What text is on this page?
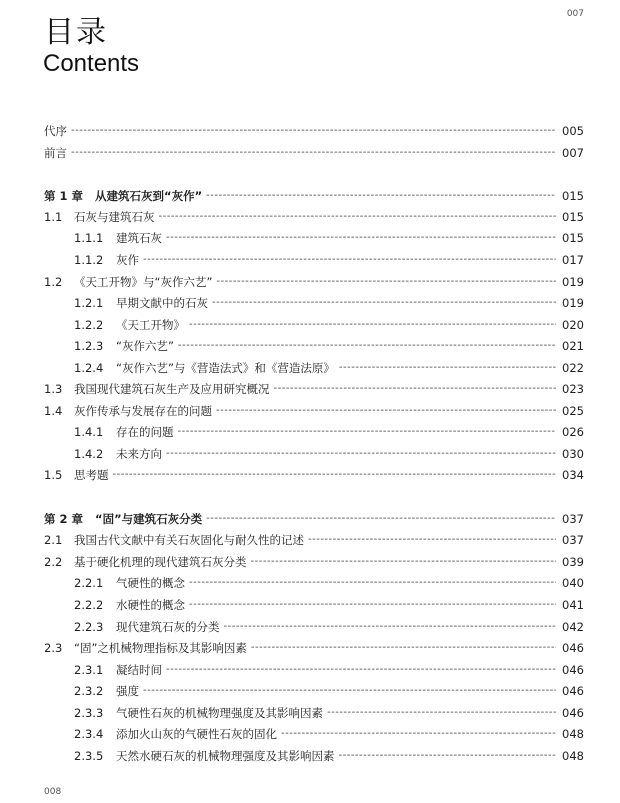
007
目录
Contents
代序 -----	005
前言 -----	007
第 1 章 从建筑石灰到“灰作” -----	015
1.1	石灰与建筑石灰 -----	015
1.1.1	建筑石灰 -----	015
1.1.2	灰作 -----	017
1.2	《天工开物》与“灰作六艺” -----	019
1.2.1	早期文献中的石灰 -----	019
1.2.2	《天工开物》 -----	020
1.2.3	“灰作六艺” -----	021
1.2.4	“灰作六艺”与《营造法式》和《营造法原》 -----	022
1.3	我国现代建筑石灰生产及应用研究概况 -----	023
1.4	灰作传承与发展存在的问题 -----	025
1.4.1	存在的问题 -----	026
1.4.2	未来方向 -----	030
1.5	思考题 -----	034
第 2 章 “固”与建筑石灰分类 -----	037
2.1	我国古代文献中有关石灰固化与耐久性的记述 -----	037
2.2	基于硬化机理的现代建筑石灰分类 -----	039
2.2.1	气硬性的概念 -----	040
2.2.2	水硬性的概念 -----	041
2.2.3	现代建筑石灰的分类 -----	042
2.3	“固”之机械物理指标及其影响因素 -----	046
2.3.1	凝结时间 -----	046
2.3.2	强度 -----	046
2.3.3	气硬性石灰的机械物理强度及其影响因素 -----	046
2.3.4	添加火山灰的气硬性石灰的固化 -----	048
2.3.5	天然水硬石灰的机械物理强度及其影响因素 -----	048
008
